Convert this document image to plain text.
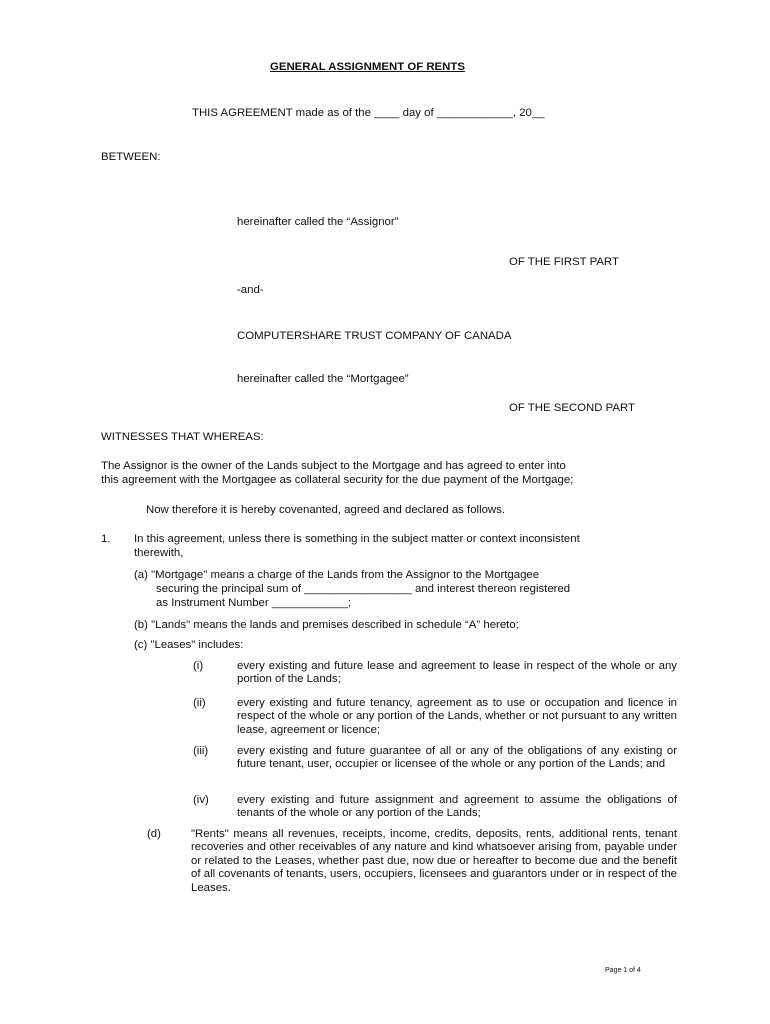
GENERAL ASSIGNMENT OF RENTS
THIS AGREEMENT made as of the ____ day of ____________, 20__
BETWEEN:
hereinafter called the “Assignor”
OF THE FIRST PART
-and-
COMPUTERSHARE TRUST COMPANY OF CANADA
hereinafter called the “Mortgagee”
OF THE SECOND PART
WITNESSES THAT WHEREAS:
The Assignor is the owner of the Lands subject to the Mortgage and has agreed to enter into
this agreement with the Mortgagee as collateral security for the due payment of the Mortgage;
Now therefore it is hereby covenanted, agreed and declared as follows.
1. In this agreement, unless there is something in the subject matter or context inconsistent
therewith,
(a) "Mortgage" means a charge of the Lands from the Assignor to the Mortgagee
securing the principal sum of _________________ and interest thereon registered
as Instrument Number ____________;
(b) "Lands" means the lands and premises described in schedule “A” hereto;
(c) "Leases" includes:
(i)	every existing and future lease and agreement to lease in respect of the whole or any portion of the Lands;
(ii)	every existing and future tenancy, agreement as to use or occupation and licence in respect of the whole or any portion of the Lands, whether or not pursuant to any written lease, agreement or licence;
(iii)	every existing and future guarantee of all or any of the obligations of any existing or future tenant, user, occupier or licensee of the whole or any portion of the Lands; and
(iv) every existing and future assignment and agreement to assume the obligations of tenants of the whole or any portion of the Lands;
(d)	"Rents" means all revenues, receipts, income, credits, deposits, rents, additional rents, tenant recoveries and other receivables of any nature and kind whatsoever arising from, payable under or related to the Leases, whether past due, now due or hereafter to become due and the benefit of all covenants of tenants, users, occupiers, licensees and guarantors under or in respect of the Leases.
Page 1 of 4
